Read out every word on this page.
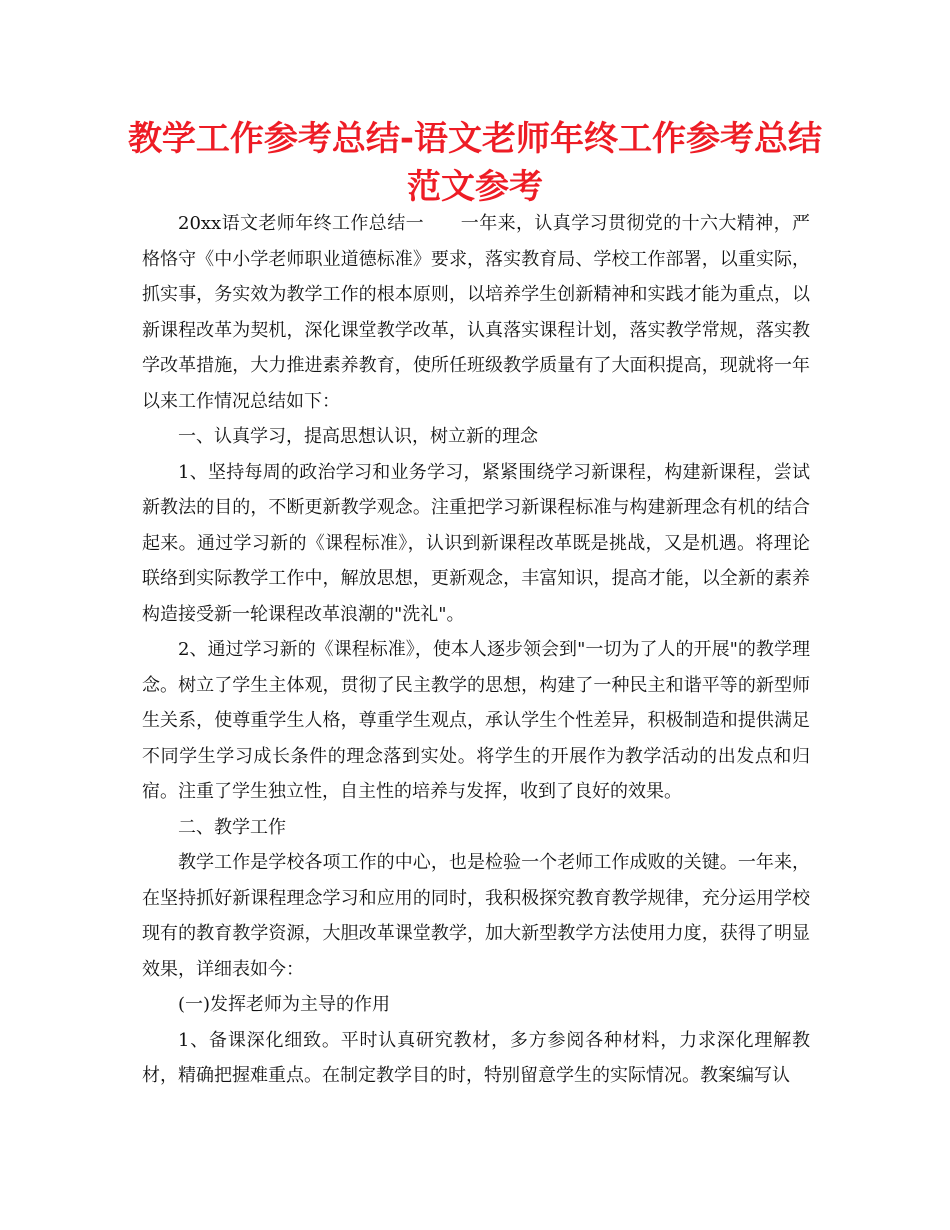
教学工作参考总结-语文老师年终工作参考总结范文参考

20xx语文老师年终工作总结一　　一年来，认真学习贯彻党的十六大精神，严格恪守《中小学老师职业道德标准》要求，落实教育局、学校工作部署，以重实际，抓实事，务实效为教学工作的根本原则，以培养学生创新精神和实践才能为重点，以新课程改革为契机，深化课堂教学改革，认真落实课程计划，落实教学常规，落实教学改革措施，大力推进素养教育，使所任班级教学质量有了大面积提高，现就将一年以来工作情况总结如下：

一、认真学习，提高思想认识，树立新的理念

1、坚持每周的政治学习和业务学习，紧紧围绕学习新课程，构建新课程，尝试新教法的目的，不断更新教学观念。注重把学习新课程标准与构建新理念有机的结合起来。通过学习新的《课程标准》，认识到新课程改革既是挑战，又是机遇。将理论联络到实际教学工作中，解放思想，更新观念，丰富知识，提高才能，以全新的素养构造接受新一轮课程改革浪潮的"洗礼"。

2、通过学习新的《课程标准》，使本人逐步领会到"一切为了人的开展"的教学理念。树立了学生主体观，贯彻了民主教学的思想，构建了一种民主和谐平等的新型师生关系，使尊重学生人格，尊重学生观点，承认学生个性差异，积极制造和提供满足不同学生学习成长条件的理念落到实处。将学生的开展作为教学活动的出发点和归宿。注重了学生独立性，自主性的培养与发挥，收到了良好的效果。

二、教学工作

教学工作是学校各项工作的中心，也是检验一个老师工作成败的关键。一年来，在坚持抓好新课程理念学习和应用的同时，我积极探究教育教学规律，充分运用学校现有的教育教学资源，大胆改革课堂教学，加大新型教学方法使用力度，获得了明显效果，详细表如今：

(一)发挥老师为主导的作用

1、备课深化细致。平时认真研究教材，多方参阅各种材料，力求深化理解教材，精确把握难重点。在制定教学目的时，特别留意学生的实际情况。教案编写认
